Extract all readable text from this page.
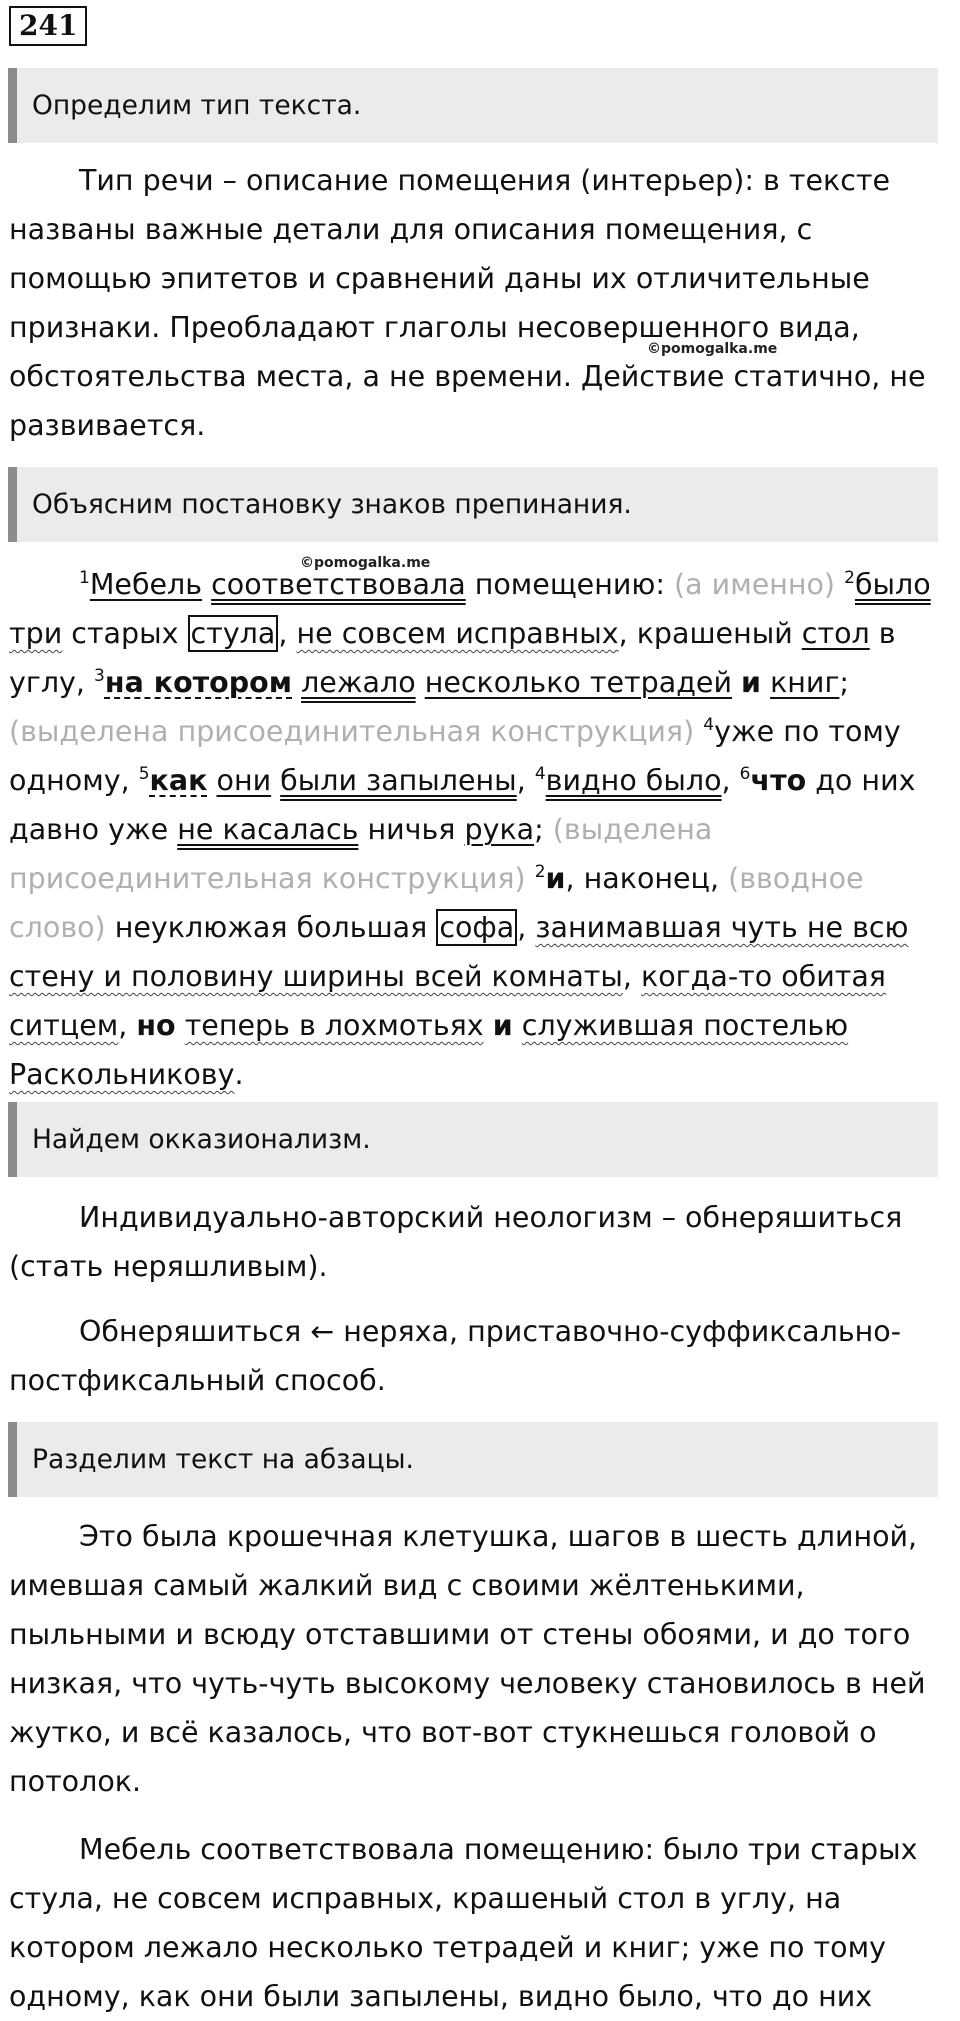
241
Определим тип текста.

Тип речи – описание помещения (интерьер): в тексте названы важные детали для описания помещения, с помощью эпитетов и сравнений даны их отличительные признаки. Преобладают глаголы несовершенного вида, обстоятельства места, а не времени. Действие статично, не развивается.

©pomogalka.me
Объясним постановку знаков препинания.
©pomogalka.me

$^1$Мебель соответствовала помещению: (а именно) $^2$было три старых стула , не совсем исправных, крашеный стол в углу, $^3$на котором лежало несколько тетрадей и книг; (выделена присоединительная конструкция) $^4$уже по тому одному, $^5$как они были запылены, $^4$видно было, $^6$что до них давно уже не касалась ничья рука; (выделена присоединительная конструкция) $^2$и, наконец, (вводное слово) неуклюжая большая софа , занимавшая чуть не всю стену и половину ширины всей комнаты, когда-то обитая ситцем, но теперь в лохмотьях и служившая постелью Раскольникову.

Найдем окказионализм.

Индивидуально-авторский неологизм – обнеряшиться (стать неряшливым).

Обнеряшиться ← неряха, приставочно-суффиксально-постфиксальный способ.

Разделим текст на абзацы.

Это была крошечная клетушка, шагов в шесть длиной, имевшая самый жалкий вид с своими жёлтенькими, пыльными и всюду отставшими от стены обоями, и до того низкая, что чуть-чуть высокому человеку становилось в ней жутко, и всё казалось, что вот-вот стукнешься головой о потолок.

Мебель соответствовала помещению: было три старых стула, не совсем исправных, крашеный стол в углу, на котором лежало несколько тетрадей и книг; уже по тому одному, как они были запылены, видно было, что до них
